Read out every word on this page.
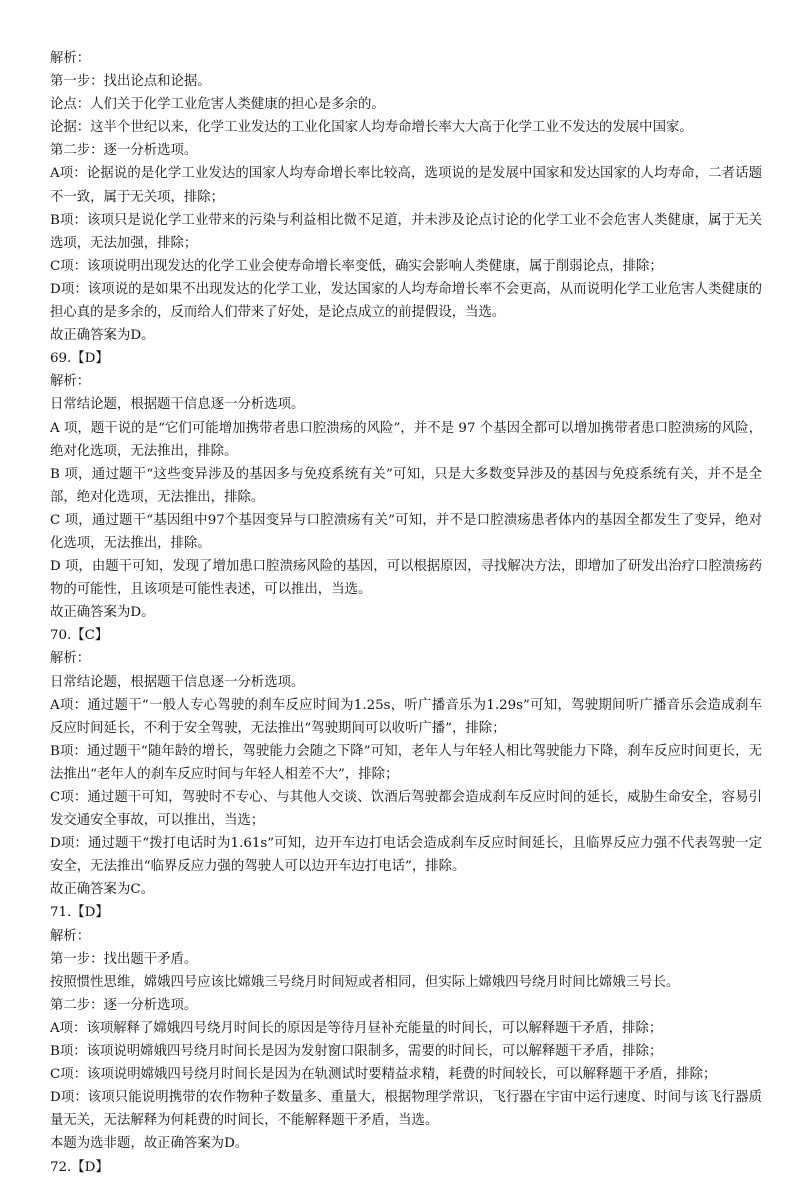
解析：

第一步：找出论点和论据。

论点：人们关于化学工业危害人类健康的担心是多余的。

论据：这半个世纪以来，化学工业发达的工业化国家人均寿命增长率大大高于化学工业不发达的发展中国家。

第二步：逐一分析选项。

A项：论据说的是化学工业发达的国家人均寿命增长率比较高，选项说的是发展中国家和发达国家的人均寿命，二者话题不一致，属于无关项，排除；

B项：该项只是说化学工业带来的污染与利益相比微不足道，并未涉及论点讨论的化学工业不会危害人类健康，属于无关选项，无法加强，排除；

C项：该项说明出现发达的化学工业会使寿命增长率变低，确实会影响人类健康，属于削弱论点，排除；

D项：该项说的是如果不出现发达的化学工业，发达国家的人均寿命增长率不会更高，从而说明化学工业危害人类健康的担心真的是多余的，反而给人们带来了好处，是论点成立的前提假设，当选。

故正确答案为D。

69.【D】

解析：

日常结论题，根据题干信息逐一分析选项。

A 项，题干说的是“它们可能增加携带者患口腔溃疡的风险”，并不是 97 个基因全都可以增加携带者患口腔溃疡的风险，绝对化选项，无法推出，排除。

B 项，通过题干“这些变异涉及的基因多与免疫系统有关”可知，只是大多数变异涉及的基因与免疫系统有关，并不是全部，绝对化选项，无法推出，排除。

C 项，通过题干“基因组中97个基因变异与口腔溃疡有关”可知，并不是口腔溃疡患者体内的基因全都发生了变异，绝对化选项，无法推出，排除。

D 项，由题干可知，发现了增加患口腔溃疡风险的基因，可以根据原因，寻找解决方法，即增加了研发出治疗口腔溃疡药物的可能性，且该项是可能性表述，可以推出，当选。

故正确答案为D。

70.【C】

解析：

日常结论题，根据题干信息逐一分析选项。

A项：通过题干“一般人专心驾驶的刹车反应时间为1.25s，听广播音乐为1.29s”可知，驾驶期间听广播音乐会造成刹车反应时间延长，不利于安全驾驶，无法推出“驾驶期间可以收听广播”，排除；

B项：通过题干“随年龄的增长，驾驶能力会随之下降”可知，老年人与年轻人相比驾驶能力下降，刹车反应时间更长，无法推出“老年人的刹车反应时间与年轻人相差不大”，排除；

C项：通过题干可知，驾驶时不专心、与其他人交谈、饮酒后驾驶都会造成刹车反应时间的延长，威胁生命安全，容易引发交通安全事故，可以推出，当选；

D项：通过题干“拨打电话时为1.61s”可知，边开车边打电话会造成刹车反应时间延长，且临界反应力强不代表驾驶一定安全，无法推出“临界反应力强的驾驶人可以边开车边打电话”，排除。

故正确答案为C。

71.【D】

解析：

第一步：找出题干矛盾。

按照惯性思维，嫦娥四号应该比嫦娥三号绕月时间短或者相同，但实际上嫦娥四号绕月时间比嫦娥三号长。

第二步：逐一分析选项。

A项：该项解释了嫦娥四号绕月时间长的原因是等待月昼补充能量的时间长，可以解释题干矛盾，排除；

B项：该项说明嫦娥四号绕月时间长是因为发射窗口限制多，需要的时间长，可以解释题干矛盾，排除；

C项：该项说明嫦娥四号绕月时间长是因为在轨测试时要精益求精，耗费的时间较长，可以解释题干矛盾，排除；

D项：该项只能说明携带的农作物种子数量多、重量大，根据物理学常识，飞行器在宇宙中运行速度、时间与该飞行器质量无关，无法解释为何耗费的时间长，不能解释题干矛盾，当选。

本题为选非题，故正确答案为D。

72.【D】
